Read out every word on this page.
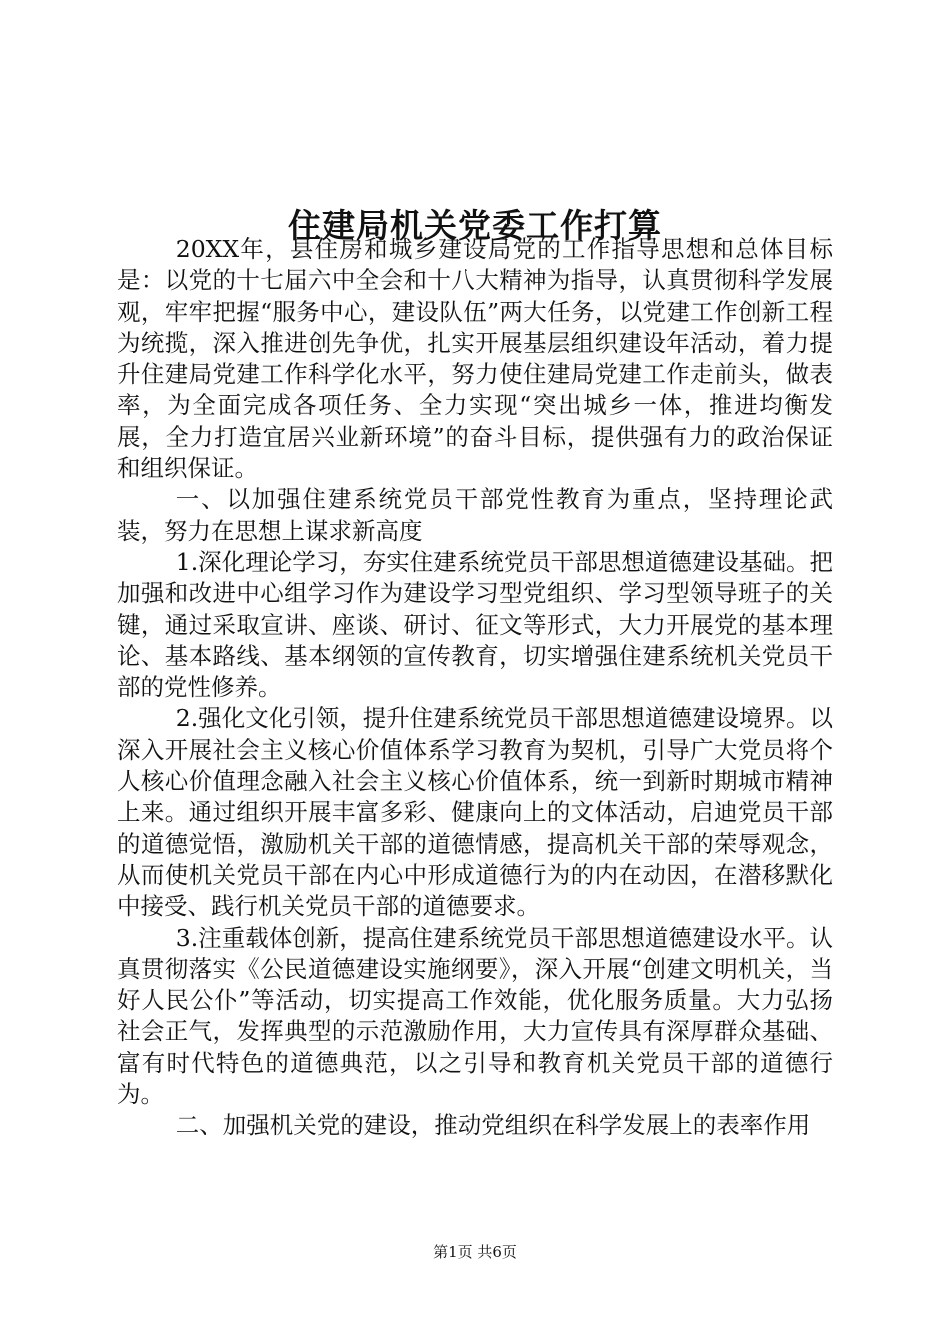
住建局机关党委工作打算

20XX年，县住房和城乡建设局党的工作指导思想和总体目标是：以党的十七届六中全会和十八大精神为指导，认真贯彻科学发展观，牢牢把握“服务中心，建设队伍”两大任务，以党建工作创新工程为统揽，深入推进创先争优，扎实开展基层组织建设年活动，着力提升住建局党建工作科学化水平，努力使住建局党建工作走前头，做表率，为全面完成各项任务、全力实现“突出城乡一体，推进均衡发展，全力打造宜居兴业新环境”的奋斗目标，提供强有力的政治保证和组织保证。

一、以加强住建系统党员干部党性教育为重点，坚持理论武装，努力在思想上谋求新高度

1.深化理论学习，夯实住建系统党员干部思想道德建设基础。把加强和改进中心组学习作为建设学习型党组织、学习型领导班子的关键，通过采取宣讲、座谈、研讨、征文等形式，大力开展党的基本理论、基本路线、基本纲领的宣传教育，切实增强住建系统机关党员干部的党性修养。

2.强化文化引领，提升住建系统党员干部思想道德建设境界。以深入开展社会主义核心价值体系学习教育为契机，引导广大党员将个人核心价值理念融入社会主义核心价值体系，统一到新时期城市精神上来。通过组织开展丰富多彩、健康向上的文体活动，启迪党员干部的道德觉悟，激励机关干部的道德情感，提高机关干部的荣辱观念，从而使机关党员干部在内心中形成道德行为的内在动因，在潜移默化中接受、践行机关党员干部的道德要求。

3.注重载体创新，提高住建系统党员干部思想道德建设水平。认真贯彻落实《公民道德建设实施纲要》，深入开展“创建文明机关，当好人民公仆”等活动，切实提高工作效能，优化服务质量。大力弘扬社会正气，发挥典型的示范激励作用，大力宣传具有深厚群众基础、富有时代特色的道德典范，以之引导和教育机关党员干部的道德行为。

二、加强机关党的建设，推动党组织在科学发展上的表率作用

第1页 共6页
